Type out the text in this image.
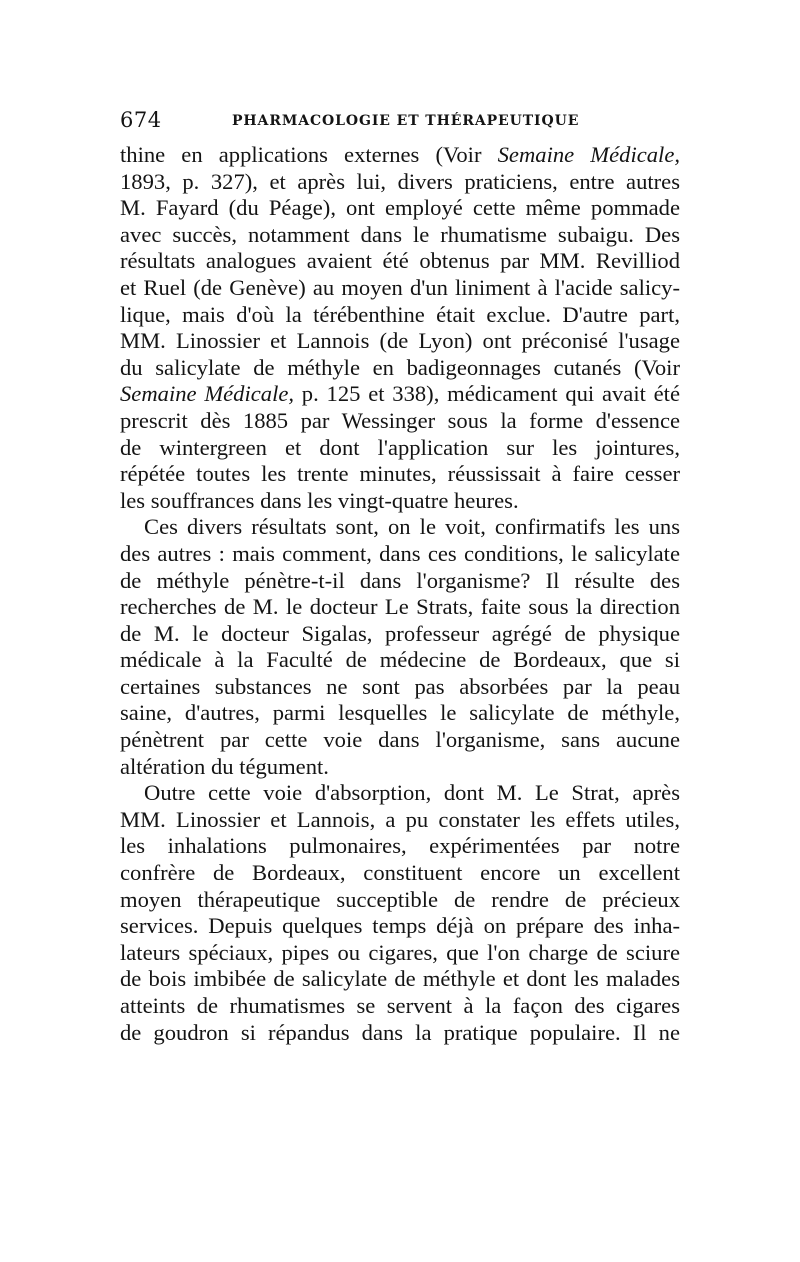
674	PHARMACOLOGIE ET THÉRAPEUTIQUE
thine en applications externes (Voir Semaine Médicale,
1893, p. 327), et après lui, divers praticiens, entre autres
M. Fayard (du Péage), ont employé cette même pommade
avec succès, notamment dans le rhumatisme subaigu. Des
résultats analogues avaient été obtenus par MM. Revilliod
et Ruel (de Genève) au moyen d'un liniment à l'acide salicy-
lique, mais d'où la térébenthine était exclue. D'autre part,
MM. Linossier et Lannois (de Lyon) ont préconisé l'usage
du salicylate de méthyle en badigeonnages cutanés (Voir
Semaine Médicale, p. 125 et 338), médicament qui avait été
prescrit dès 1885 par Wessinger sous la forme d'essence
de wintergreen et dont l'application sur les jointures,
répétée toutes les trente minutes, réussissait à faire cesser
les souffrances dans les vingt-quatre heures.
Ces divers résultats sont, on le voit, confirmatifs les uns
des autres : mais comment, dans ces conditions, le salicylate
de méthyle pénètre-t-il dans l'organisme? Il résulte des
recherches de M. le docteur Le Strats, faite sous la direction
de M. le docteur Sigalas, professeur agrégé de physique
médicale à la Faculté de médecine de Bordeaux, que si
certaines substances ne sont pas absorbées par la peau
saine, d'autres, parmi lesquelles le salicylate de méthyle,
pénètrent par cette voie dans l'organisme, sans aucune
altération du tégument.
Outre cette voie d'absorption, dont M. Le Strat, après
MM. Linossier et Lannois, a pu constater les effets utiles,
les inhalations pulmonaires, expérimentées par notre
confrère de Bordeaux, constituent encore un excellent
moyen thérapeutique succeptible de rendre de précieux
services. Depuis quelques temps déjà on prépare des inha-
lateurs spéciaux, pipes ou cigares, que l'on charge de sciure
de bois imbibée de salicylate de méthyle et dont les malades
atteints de rhumatismes se servent à la façon des cigares
de goudron si répandus dans la pratique populaire. Il ne
